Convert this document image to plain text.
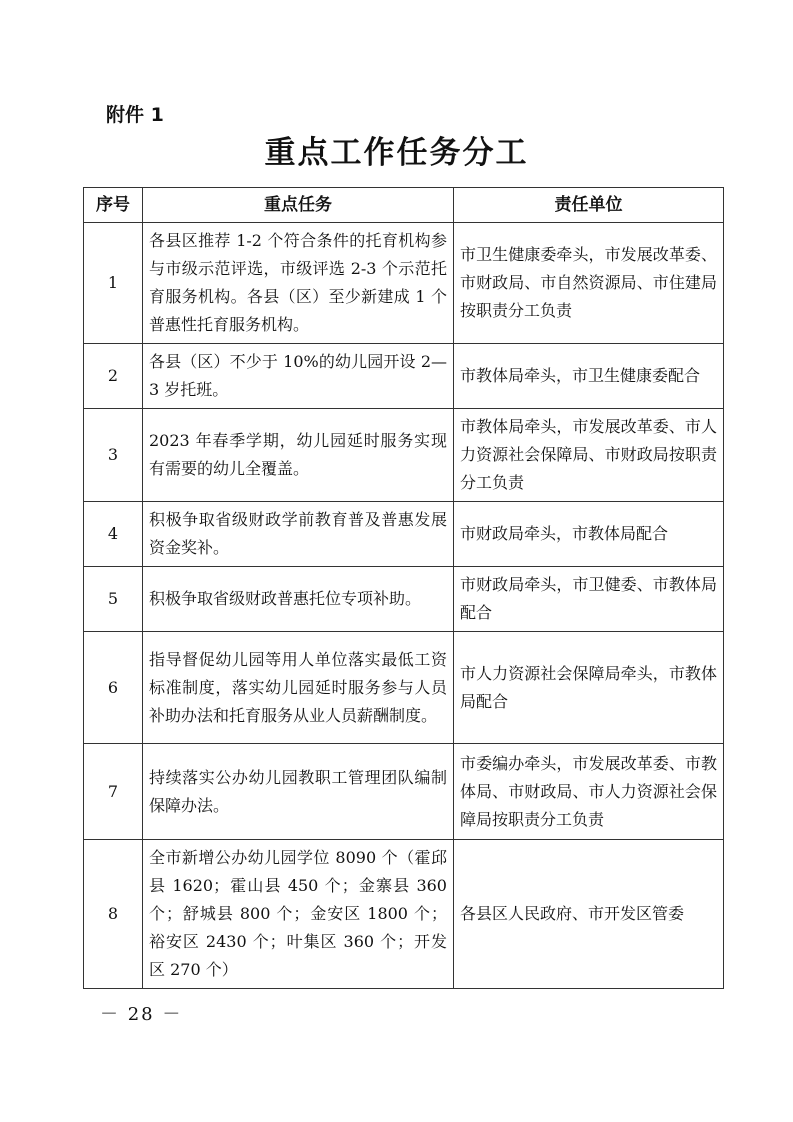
附件 1
重点工作任务分工
序号	重点任务	责任单位
1	各县区推荐 1-2 个符合条件的托育机构参与市级示范评选，市级评选 2-3 个示范托育服务机构。各县（区）至少新建成 1 个普惠性托育服务机构。	市卫生健康委牵头，市发展改革委、市财政局、市自然资源局、市住建局按职责分工负责
2	各县（区）不少于 10%的幼儿园开设 2—3 岁托班。	市教体局牵头，市卫生健康委配合
3	2023 年春季学期，幼儿园延时服务实现有需要的幼儿全覆盖。	市教体局牵头，市发展改革委、市人力资源社会保障局、市财政局按职责分工负责
4	积极争取省级财政学前教育普及普惠发展资金奖补。	市财政局牵头，市教体局配合
5	积极争取省级财政普惠托位专项补助。	市财政局牵头，市卫健委、市教体局配合
6	指导督促幼儿园等用人单位落实最低工资标准制度，落实幼儿园延时服务参与人员补助办法和托育服务从业人员薪酬制度。	市人力资源社会保障局牵头，市教体局配合
7	持续落实公办幼儿园教职工管理团队编制保障办法。	市委编办牵头，市发展改革委、市教体局、市财政局、市人力资源社会保障局按职责分工负责
8	全市新增公办幼儿园学位 8090 个（霍邱县 1620；霍山县 450 个；金寨县 360 个；舒城县 800 个；金安区 1800 个；裕安区 2430 个；叶集区 360 个；开发区 270 个）	各县区人民政府、市开发区管委
－ 28 －
